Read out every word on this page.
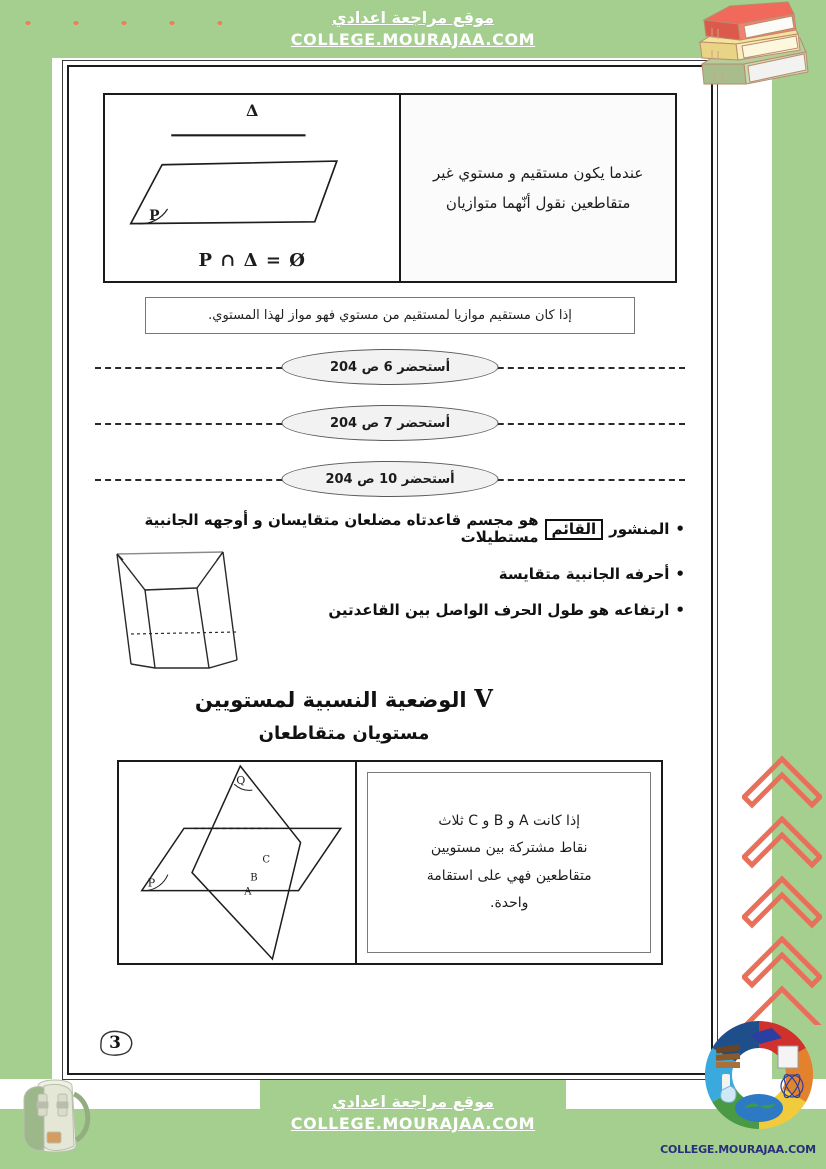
موقع مراجعة اعدادي
COLLEGE.MOURAJAA.COM
Δ
P
P ∩ Δ = Ø
عندما يكون مستقيم و مستوي غير متقاطعين نقول أنّهما متوازيان
إذا كان مستقيم موازيا لمستقيم من مستوي فهو مواز لهذا المستوي.
أستحضر 6 ص 204
أستحضر 7 ص 204
أستحضر 10 ص 204
•
المنشور
القائم
هو مجسم قاعدتاه مضلعان متقايسان و أوجهه الجانبية مستطيلات
•
أحرفه الجانبية متقايسة
•
ارتفاعه هو طول الحرف الواصل بين القاعدتين
V الوضعية النسبية لمستويين
مستويان متقاطعان
P
Q
C
B
A
إذا كانت A و B و C ثلاث
نقاط مشتركة بين مستويين
متقاطعين فهي على استقامة
واحدة.
3
موقع مراجعة اعدادي
COLLEGE.MOURAJAA.COM
COLLEGE.MOURAJAA.COM
